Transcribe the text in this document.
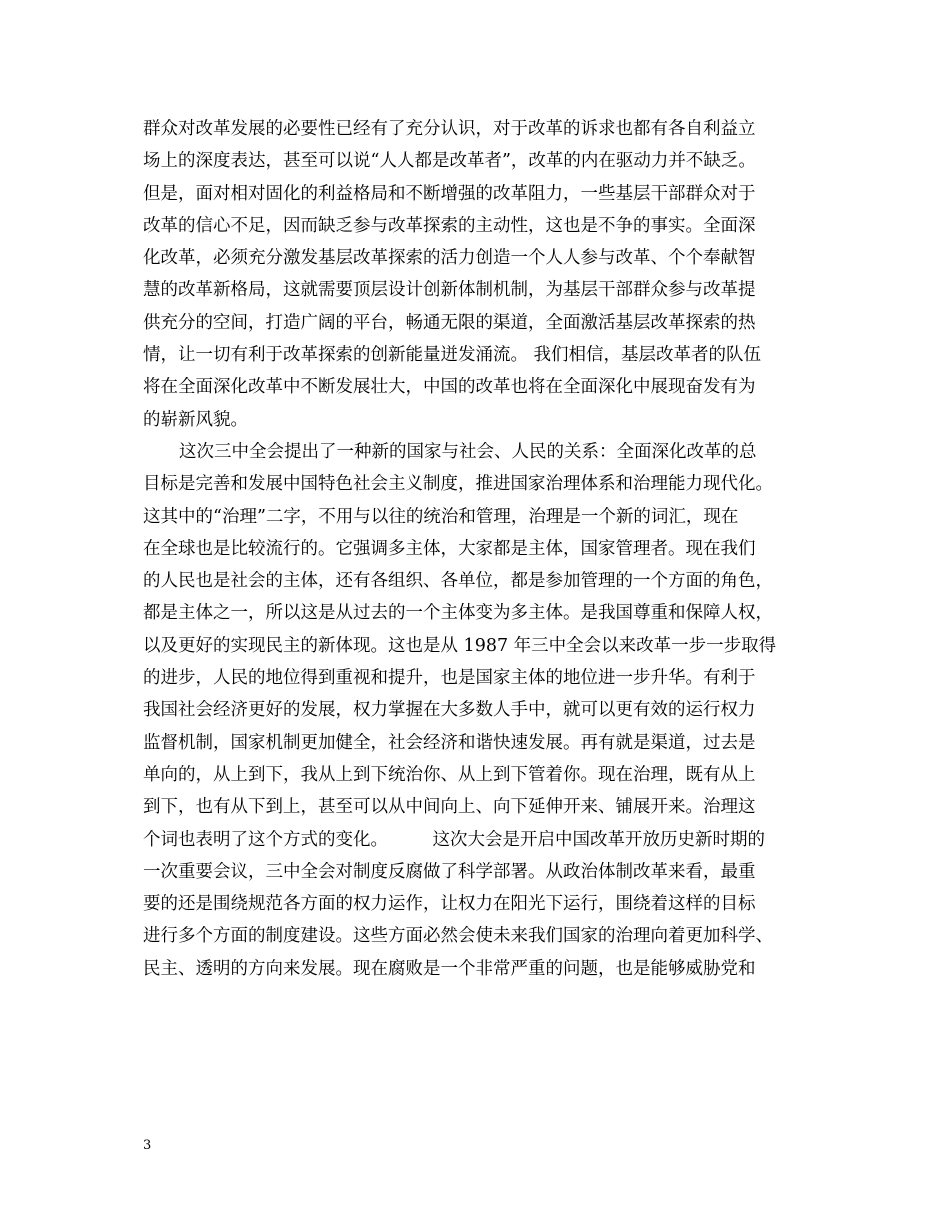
群众对改革发展的必要性已经有了充分认识，对于改革的诉求也都有各自利益立
场上的深度表达，甚至可以说“人人都是改革者”，改革的内在驱动力并不缺乏。
但是，面对相对固化的利益格局和不断增强的改革阻力，一些基层干部群众对于
改革的信心不足，因而缺乏参与改革探索的主动性，这也是不争的事实。全面深
化改革，必须充分激发基层改革探索的活力创造一个人人参与改革、个个奉献智
慧的改革新格局，这就需要顶层设计创新体制机制，为基层干部群众参与改革提
供充分的空间，打造广阔的平台，畅通无限的渠道，全面激活基层改革探索的热
情，让一切有利于改革探索的创新能量迸发涌流。 我们相信，基层改革者的队伍
将在全面深化改革中不断发展壮大，中国的改革也将在全面深化中展现奋发有为
的崭新风貌。
这次三中全会提出了一种新的国家与社会、人民的关系：全面深化改革的总
目标是完善和发展中国特色社会主义制度，推进国家治理体系和治理能力现代化。
这其中的“治理”二字，不用与以往的统治和管理，治理是一个新的词汇，现在
在全球也是比较流行的。它强调多主体，大家都是主体，国家管理者。现在我们
的人民也是社会的主体，还有各组织、各单位，都是参加管理的一个方面的角色，
都是主体之一，所以这是从过去的一个主体变为多主体。是我国尊重和保障人权，
以及更好的实现民主的新体现。这也是从 1987 年三中全会以来改革一步一步取得
的进步，人民的地位得到重视和提升，也是国家主体的地位进一步升华。有利于
我国社会经济更好的发展，权力掌握在大多数人手中，就可以更有效的运行权力
监督机制，国家机制更加健全，社会经济和谐快速发展。再有就是渠道，过去是
单向的，从上到下，我从上到下统治你、从上到下管着你。现在治理，既有从上
到下，也有从下到上，甚至可以从中间向上、向下延伸开来、铺展开来。治理这
个词也表明了这个方式的变化。        这次大会是开启中国改革开放历史新时期的
一次重要会议，三中全会对制度反腐做了科学部署。从政治体制改革来看，最重
要的还是围绕规范各方面的权力运作，让权力在阳光下运行，围绕着这样的目标
进行多个方面的制度建设。这些方面必然会使未来我们国家的治理向着更加科学、
民主、透明的方向来发展。现在腐败是一个非常严重的问题，也是能够威胁党和
3
